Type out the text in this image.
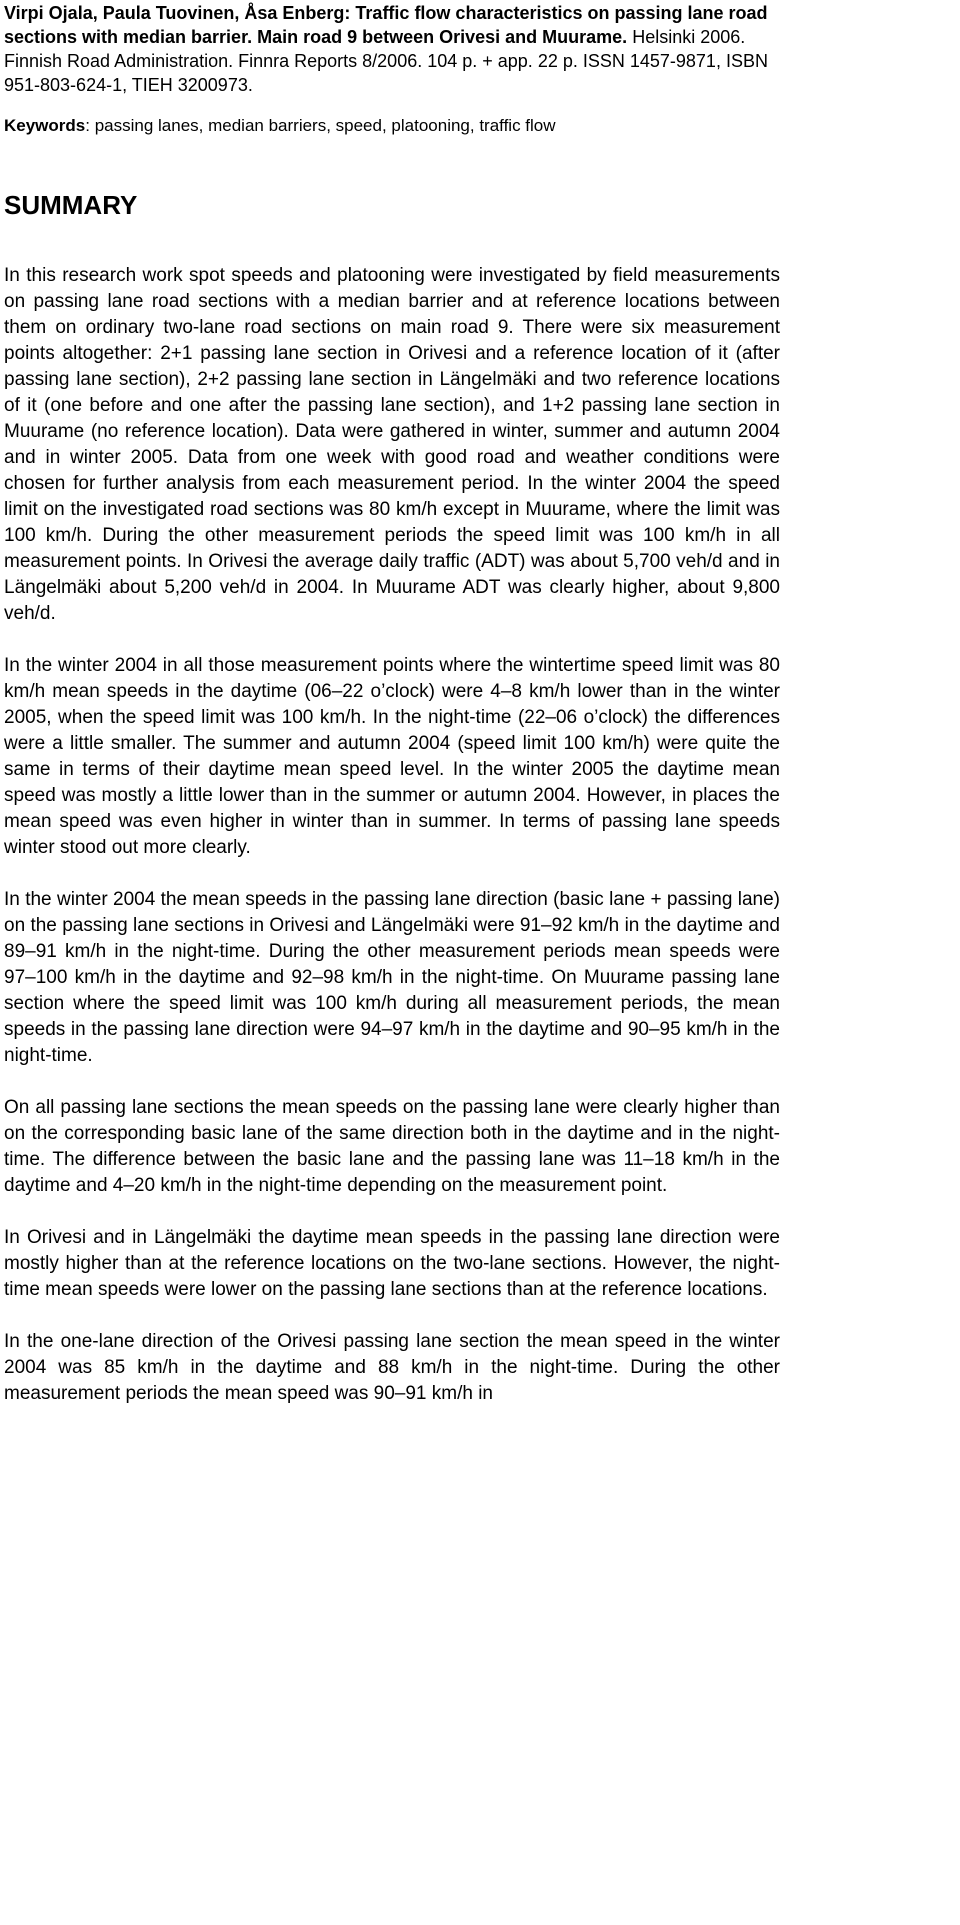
Virpi Ojala, Paula Tuovinen, Åsa Enberg: Traffic flow characteristics on passing lane road sections with median barrier. Main road 9 between Orivesi and Muurame. Helsinki 2006. Finnish Road Administration. Finnra Reports 8/2006. 104 p. + app. 22 p. ISSN 1457-9871, ISBN 951-803-624-1, TIEH 3200973.

Keywords: passing lanes, median barriers, speed, platooning, traffic flow

SUMMARY

In this research work spot speeds and platooning were investigated by field measurements on passing lane road sections with a median barrier and at reference locations between them on ordinary two-lane road sections on main road 9. There were six measurement points altogether: 2+1 passing lane section in Orivesi and a reference location of it (after passing lane section), 2+2 passing lane section in Längelmäki and two reference locations of it (one before and one after the passing lane section), and 1+2 passing lane section in Muurame (no reference location). Data were gathered in winter, summer and autumn 2004 and in winter 2005. Data from one week with good road and weather conditions were chosen for further analysis from each measurement period. In the winter 2004 the speed limit on the investigated road sections was 80 km/h except in Muurame, where the limit was 100 km/h. During the other measurement periods the speed limit was 100 km/h in all measurement points. In Orivesi the average daily traffic (ADT) was about 5,700 veh/d and in Längelmäki about 5,200 veh/d in 2004. In Muurame ADT was clearly higher, about 9,800 veh/d.

In the winter 2004 in all those measurement points where the wintertime speed limit was 80 km/h mean speeds in the daytime (06–22 o’clock) were 4–8 km/h lower than in the winter 2005, when the speed limit was 100 km/h. In the night-time (22–06 o’clock) the differences were a little smaller. The summer and autumn 2004 (speed limit 100 km/h) were quite the same in terms of their daytime mean speed level. In the winter 2005 the daytime mean speed was mostly a little lower than in the summer or autumn 2004. However, in places the mean speed was even higher in winter than in summer. In terms of passing lane speeds winter stood out more clearly.

In the winter 2004 the mean speeds in the passing lane direction (basic lane + passing lane) on the passing lane sections in Orivesi and Längelmäki were 91–92 km/h in the daytime and 89–91 km/h in the night-time. During the other measurement periods mean speeds were 97–100 km/h in the daytime and 92–98 km/h in the night-time. On Muurame passing lane section where the speed limit was 100 km/h during all measurement periods, the mean speeds in the passing lane direction were 94–97 km/h in the daytime and 90–95 km/h in the night-time.

On all passing lane sections the mean speeds on the passing lane were clearly higher than on the corresponding basic lane of the same direction both in the daytime and in the night-time. The difference between the basic lane and the passing lane was 11–18 km/h in the daytime and 4–20 km/h in the night-time depending on the measurement point.

In Orivesi and in Längelmäki the daytime mean speeds in the passing lane direction were mostly higher than at the reference locations on the two-lane sections. However, the night-time mean speeds were lower on the passing lane sections than at the reference locations.

In the one-lane direction of the Orivesi passing lane section the mean speed in the winter 2004 was 85 km/h in the daytime and 88 km/h in the night-time. During the other measurement periods the mean speed was 90–91 km/h in
